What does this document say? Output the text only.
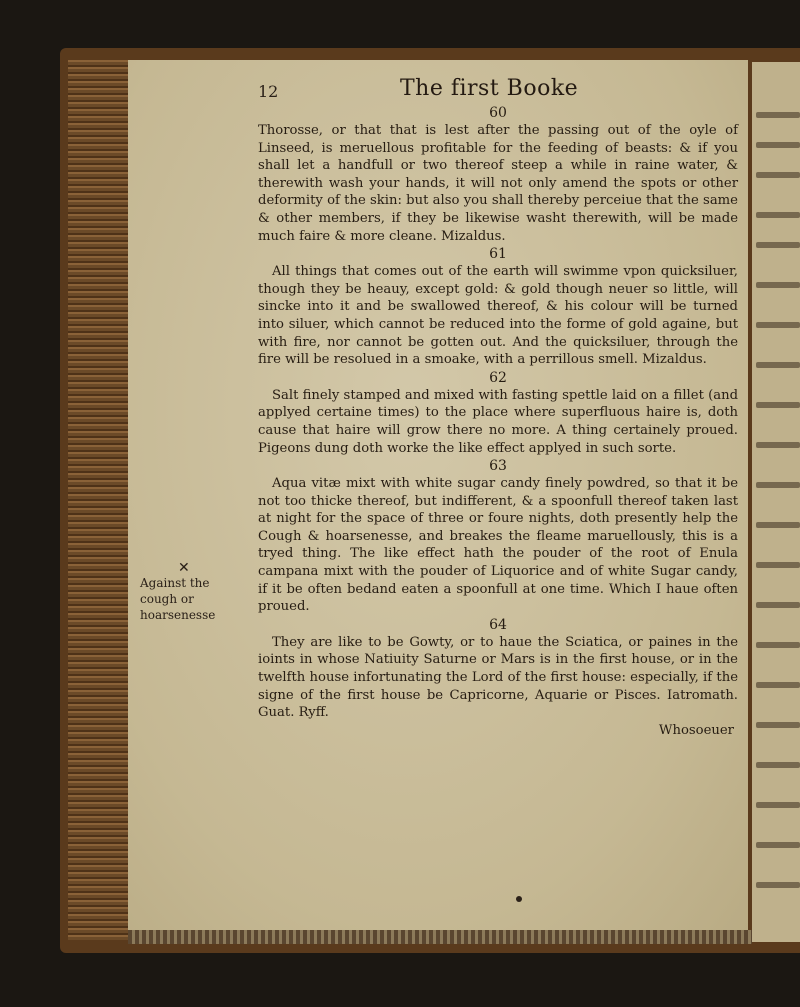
12	The first Booke
✕
Against the cough or hoarsenesse

60

Thorosse, or that that is lest after the passing out of the oyle of Linseed, is meruellous profitable for the feeding of beasts: & if you shall let a handfull or two thereof steep a while in raine water, & therewith wash your hands, it will not only amend the spots or other deformity of the skin: but also you shall thereby perceiue that the same & other members, if they be likewise washt therewith, will be made much faire & more cleane. Mizaldus.

61

All things that comes out of the earth will swimme vpon quicksiluer, though they be heauy, except gold: & gold though neuer so little, will sincke into it and be swallowed thereof, & his colour will be turned into siluer, which cannot be reduced into the forme of gold againe, but with fire, nor cannot be gotten out. And the quicksiluer, through the fire will be resolued in a smoake, with a perrillous smell. Mizaldus.

62

Salt finely stamped and mixed with fasting spettle laid on a fillet (and applyed certaine times) to the place where superfluous haire is, doth cause that haire will grow there no more. A thing certainely proued. Pigeons dung doth worke the like effect applyed in such sorte.

63

Aqua vitæ mixt with white sugar candy finely powdred, so that it be not too thicke thereof, but indifferent, & a spoonfull thereof taken last at night for the space of three or foure nights, doth presently help the Cough & hoarsenesse, and breakes the fleame maruellously, this is a tryed thing. The like effect hath the pouder of the root of Enula campana mixt with the pouder of Liquorice and of white Sugar candy, if it be often bedand eaten a spoonfull at one time. Which I haue often proued.

64

They are like to be Gowty, or to haue the Sciatica, or paines in the ioints in whose Natiuity Saturne or Mars is in the first house, or in the twelfth house infortunating the Lord of the first house: especially, if the signe of the first house be Capricorne, Aquarie or Pisces. Iatromath. Guat. Ryff.

Whosoeuer
